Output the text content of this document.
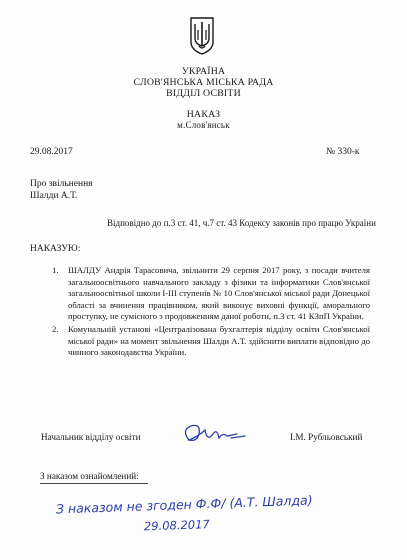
УКРАЇНА
СЛОВ'ЯНСЬКА МІСЬКА РАДА
ВІДДІЛ ОСВІТИ
НАКАЗ
м.Слов'янськ
29.08.2017	№ 330-к
Про звільнення
Шалди А.Т.
Відповідно до п.3 ст. 41, ч.7 ст. 43 Кодексу законів про працю України
НАКАЗУЮ:
1. ШАЛДУ Андрія Тарасовича, звільнити 29 серпня 2017 року, з посади вчителя загальноосвітнього навчального закладу з фізики та інформатики Слов'янської загальноосвітньої школи І-ІІІ ступенів № 10 Слов'янської міської ради Донецької області за вчинення працівником, який виконує виховні функції, аморального проступку, не сумісного з продовженням даної роботи, п.3 ст. 41 КЗпП України.
2. Комунальній установі «Централізована бухгалтерія відділу освіти Слов'янської міської ради» на момент звільнення Шалди А.Т. здійснити виплати відповідно до чинного законодавства України.
Начальник відділу освіти	І.М. Рубльовський
З наказом ознайомлений:
З наказом не згоден Ф.Ф/ (А.Т. Шалда)
29.08.2017
